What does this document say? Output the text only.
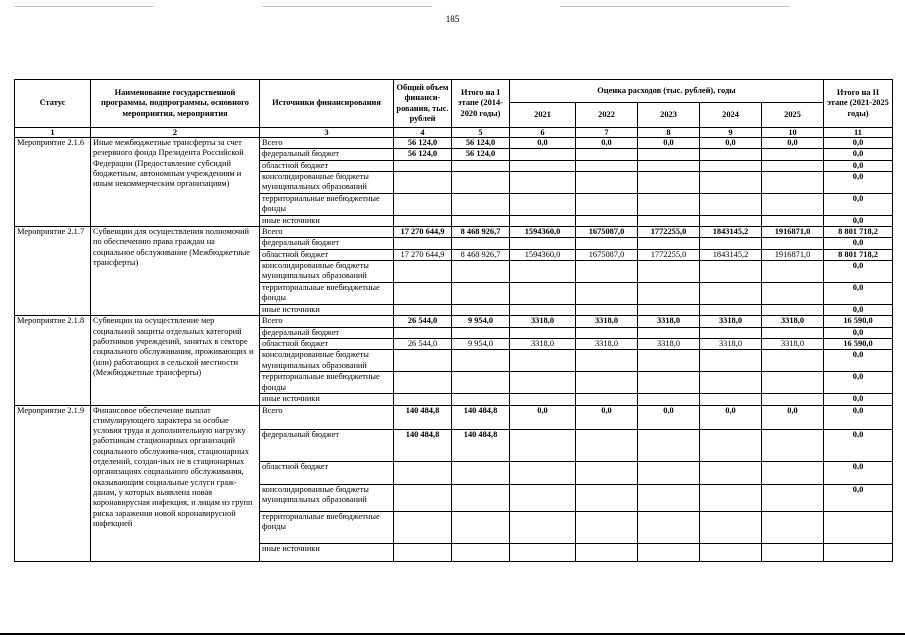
185
Статус	Наименование государственной программы, подпрограммы, основного мероприятия, мероприятия	Источники финансирования	Общий объем финанси-рования, тыс. рублей	Итого на I этапе (2014-2020 годы)	Оценка расходов (тыс. рублей), годы					Итого на II этапе (2021-2025 годы)
					2021	2022	2023	2024	2025	
1	2	3	4	5	6	7	8	9	10	11
Мероприятие 2.1.6	Иные межбюджетные трансферты за счет резервного фонда Президента Российской Федерации (Предоставление субсидий бюджетным, автономным учреждениям и иным некоммерческим организациям)	Всего	56 124,0	56 124,0	0,0	0,0	0,0	0,0	0,0	0,0
		федеральный бюджет	56 124,0	56 124,0						0,0
		областной бюджет								0,0
		консолидированные бюджеты муниципальных образований								0,0
		территориальные внебюджетные фонды								0,0
		иные источники								0,0
Мероприятие 2.1.7	Субвенции для осуществления полномочий по обеспечению права граждан на социальное обслуживание (Межбюджетные трансферты)	Всего	17 270 644,9	8 468 926,7	1594360,0	1675087,0	1772255,0	1843145,2	1916871,0	8 801 718,2
		федеральный бюджет								0,0
		областной бюджет	17 270 644,9	8 468 926,7	1594360,0	1675087,0	1772255,0	1843145,2	1916871,0	8 801 718,2
		консолидированные бюджеты муниципальных образований								0,0
		территориальные внебюджетные фонды								0,0
		иные источники								0,0
Мероприятие 2.1.8	Субвенции на осуществление мер социальной защиты отдельных категорий работников учреждений, занятых в секторе социального обслуживания, проживающих и (или) работающих в сельской местности (Межбюджетные трансферты)	Всего	26 544,0	9 954,0	3318,0	3318,0	3318,0	3318,0	3318,0	16 590,0
		федеральный бюджет								0,0
		областной бюджет	26 544,0	9 954,0	3318,0	3318,0	3318,0	3318,0	3318,0	16 590,0
		консолидированные бюджеты муниципальных образований								0,0
		территориальные внебюджетные фонды								0,0
		иные источники								0,0
Мероприятие 2.1.9	Финансовое обеспечение выплат стимулирующего характера за особые условия труда и дополнительную нагрузку работникам стационарных организаций социального обслужива-ния, стационарных отделений, создан-ных не в стационарных организациях социального обслуживания, оказывающим социальные услуги граж-данам, у которых выявлена новая коронавирусная инфекция, и лицам из групп риска заражения новой коронавирусной инфекцией	Всего	140 484,8	140 484,8	0,0	0,0	0,0	0,0	0,0	0,0
		федеральный бюджет	140 484,8	140 484,8						0,0
		областной бюджет								0,0
		консолидированные бюджеты муниципальных образований								0,0
		территориальные внебюджетные фонды								
		иные источники								
